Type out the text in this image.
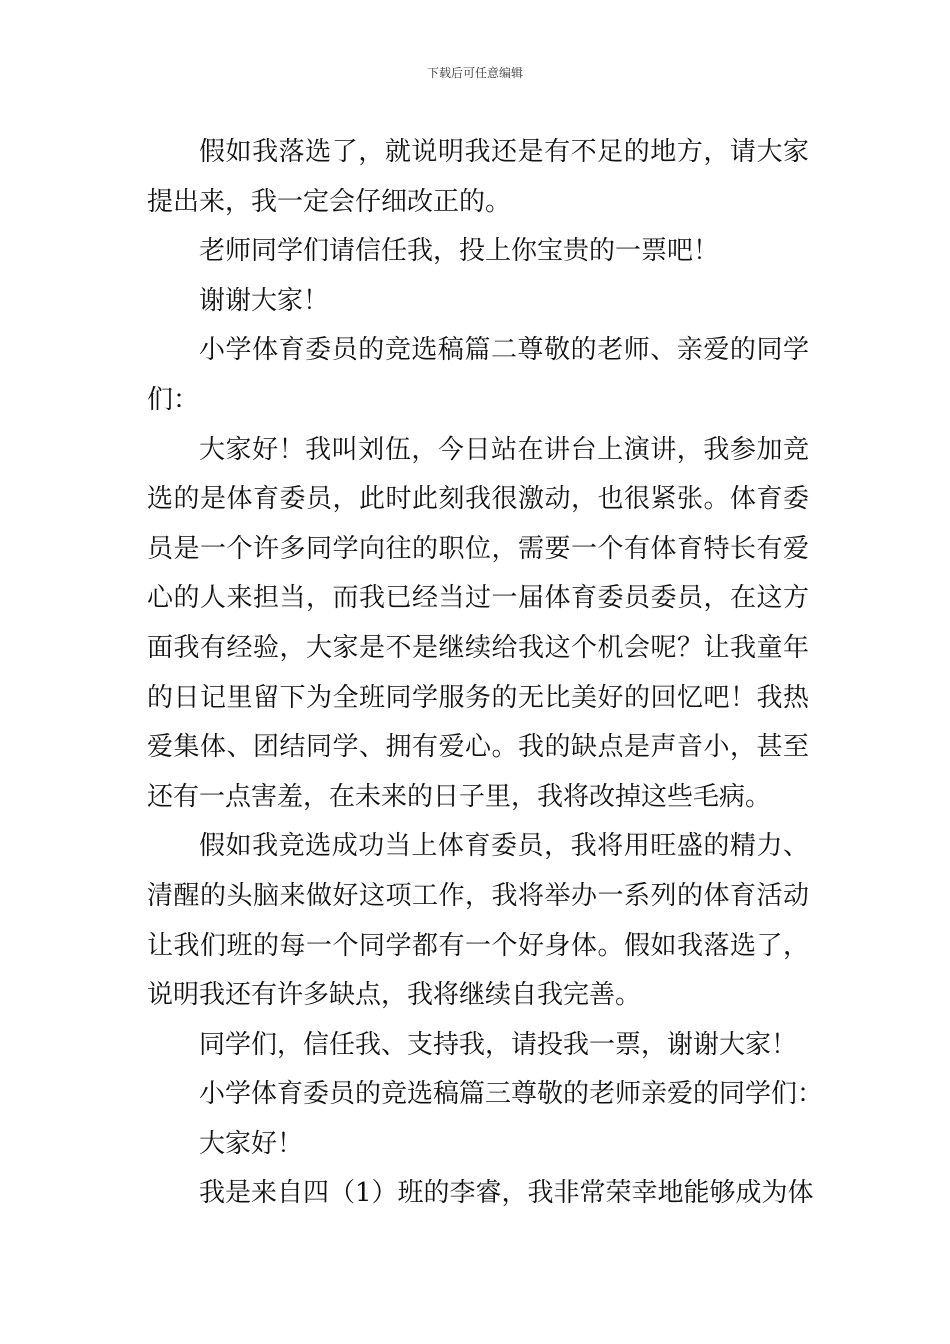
下载后可任意编辑

假如我落选了，就说明我还是有不足的地方，请大家提出来，我一定会仔细改正的。

老师同学们请信任我，投上你宝贵的一票吧！

谢谢大家！

小学体育委员的竞选稿篇二尊敬的老师、亲爱的同学们：

大家好！我叫刘伍，今日站在讲台上演讲，我参加竞选的是体育委员，此时此刻我很激动，也很紧张。体育委员是一个许多同学向往的职位，需要一个有体育特长有爱心的人来担当，而我已经当过一届体育委员委员，在这方面我有经验，大家是不是继续给我这个机会呢？让我童年的日记里留下为全班同学服务的无比美好的回忆吧！我热爱集体、团结同学、拥有爱心。我的缺点是声音小，甚至还有一点害羞，在未来的日子里，我将改掉这些毛病。

假如我竞选成功当上体育委员，我将用旺盛的精力、清醒的头脑来做好这项工作，我将举办一系列的体育活动让我们班的每一个同学都有一个好身体。假如我落选了，说明我还有许多缺点，我将继续自我完善。

同学们，信任我、支持我，请投我一票，谢谢大家！

小学体育委员的竞选稿篇三尊敬的老师亲爱的同学们：

大家好！

我是来自四（1）班的李睿，我非常荣幸地能够成为体
